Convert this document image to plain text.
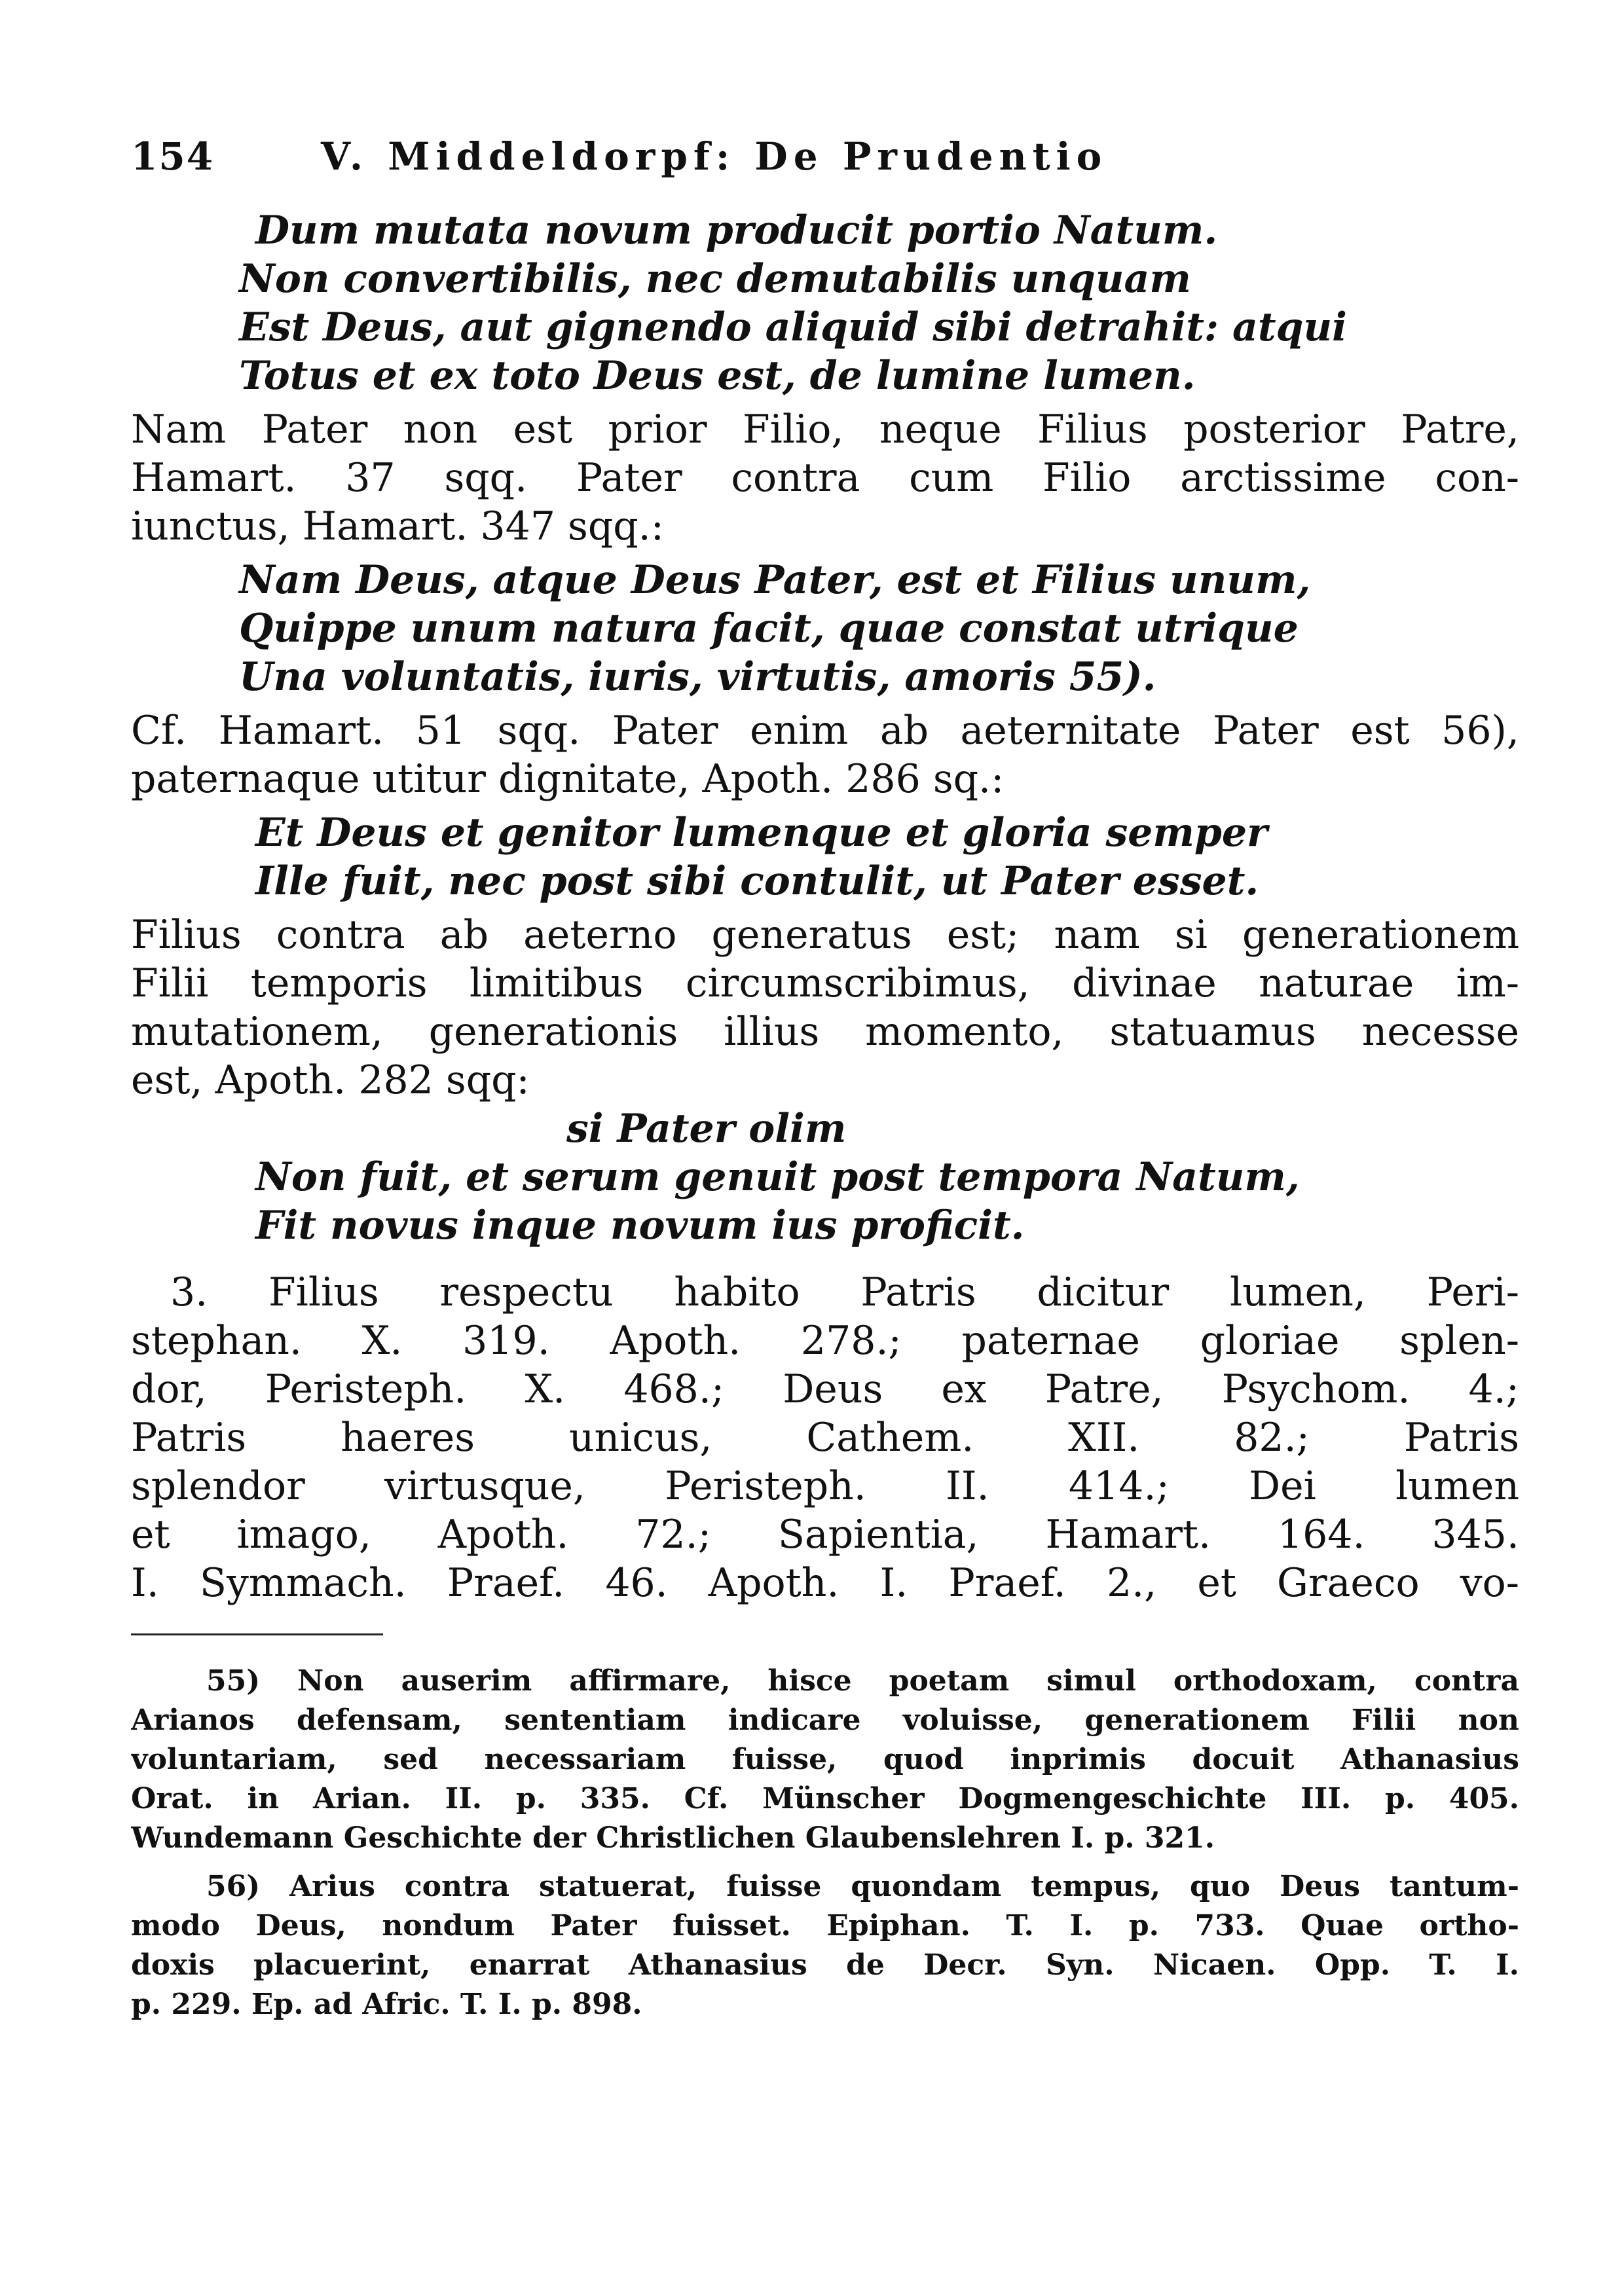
154	V. Middeldorpf: De Prudentio
Dum mutata novum producit portio Natum.
Non convertibilis, nec demutabilis unquam
Est Deus, aut gignendo aliquid sibi detrahit: atqui
Totus et ex toto Deus est, de lumine lumen.
Nam Pater non est prior Filio, neque Filius posterior Patre,
Hamart. 37 sqq. Pater contra cum Filio arctissime con-
iunctus, Hamart. 347 sqq.:
Nam Deus, atque Deus Pater, est et Filius unum,
Quippe unum natura facit, quae constat utrique
Una voluntatis, iuris, virtutis, amoris 55).
Cf. Hamart. 51 sqq. Pater enim ab aeternitate Pater est 56),
paternaque utitur dignitate, Apoth. 286 sq.:
Et Deus et genitor lumenque et gloria semper
Ille fuit, nec post sibi contulit, ut Pater esset.
Filius contra ab aeterno generatus est; nam si generationem
Filii temporis limitibus circumscribimus, divinae naturae im-
mutationem, generationis illius momento, statuamus necesse
est, Apoth. 282 sqq:
si Pater olim
Non fuit, et serum genuit post tempora Natum,
Fit novus inque novum ius proficit.
3. Filius respectu habito Patris dicitur lumen, Peri-
stephan. X. 319. Apoth. 278.; paternae gloriae splen-
dor, Peristeph. X. 468.; Deus ex Patre, Psychom. 4.;
Patris haeres unicus, Cathem. XII. 82.; Patris
splendor virtusque, Peristeph. II. 414.; Dei lumen
et imago, Apoth. 72.; Sapientia, Hamart. 164. 345.
I. Symmach. Praef. 46. Apoth. I. Praef. 2., et Graeco vo-
55) Non auserim affirmare, hisce poetam simul orthodoxam, contra
Arianos defensam, sententiam indicare voluisse, generationem Filii non
voluntariam, sed necessariam fuisse, quod inprimis docuit Athanasius
Orat. in Arian. II. p. 335. Cf. Münscher Dogmengeschichte III. p. 405.
Wundemann Geschichte der Christlichen Glaubenslehren I. p. 321.
56) Arius contra statuerat, fuisse quondam tempus, quo Deus tantum-
modo Deus, nondum Pater fuisset. Epiphan. T. I. p. 733. Quae ortho-
doxis placuerint, enarrat Athanasius de Decr. Syn. Nicaen. Opp. T. I.
p. 229. Ep. ad Afric. T. I. p. 898.
